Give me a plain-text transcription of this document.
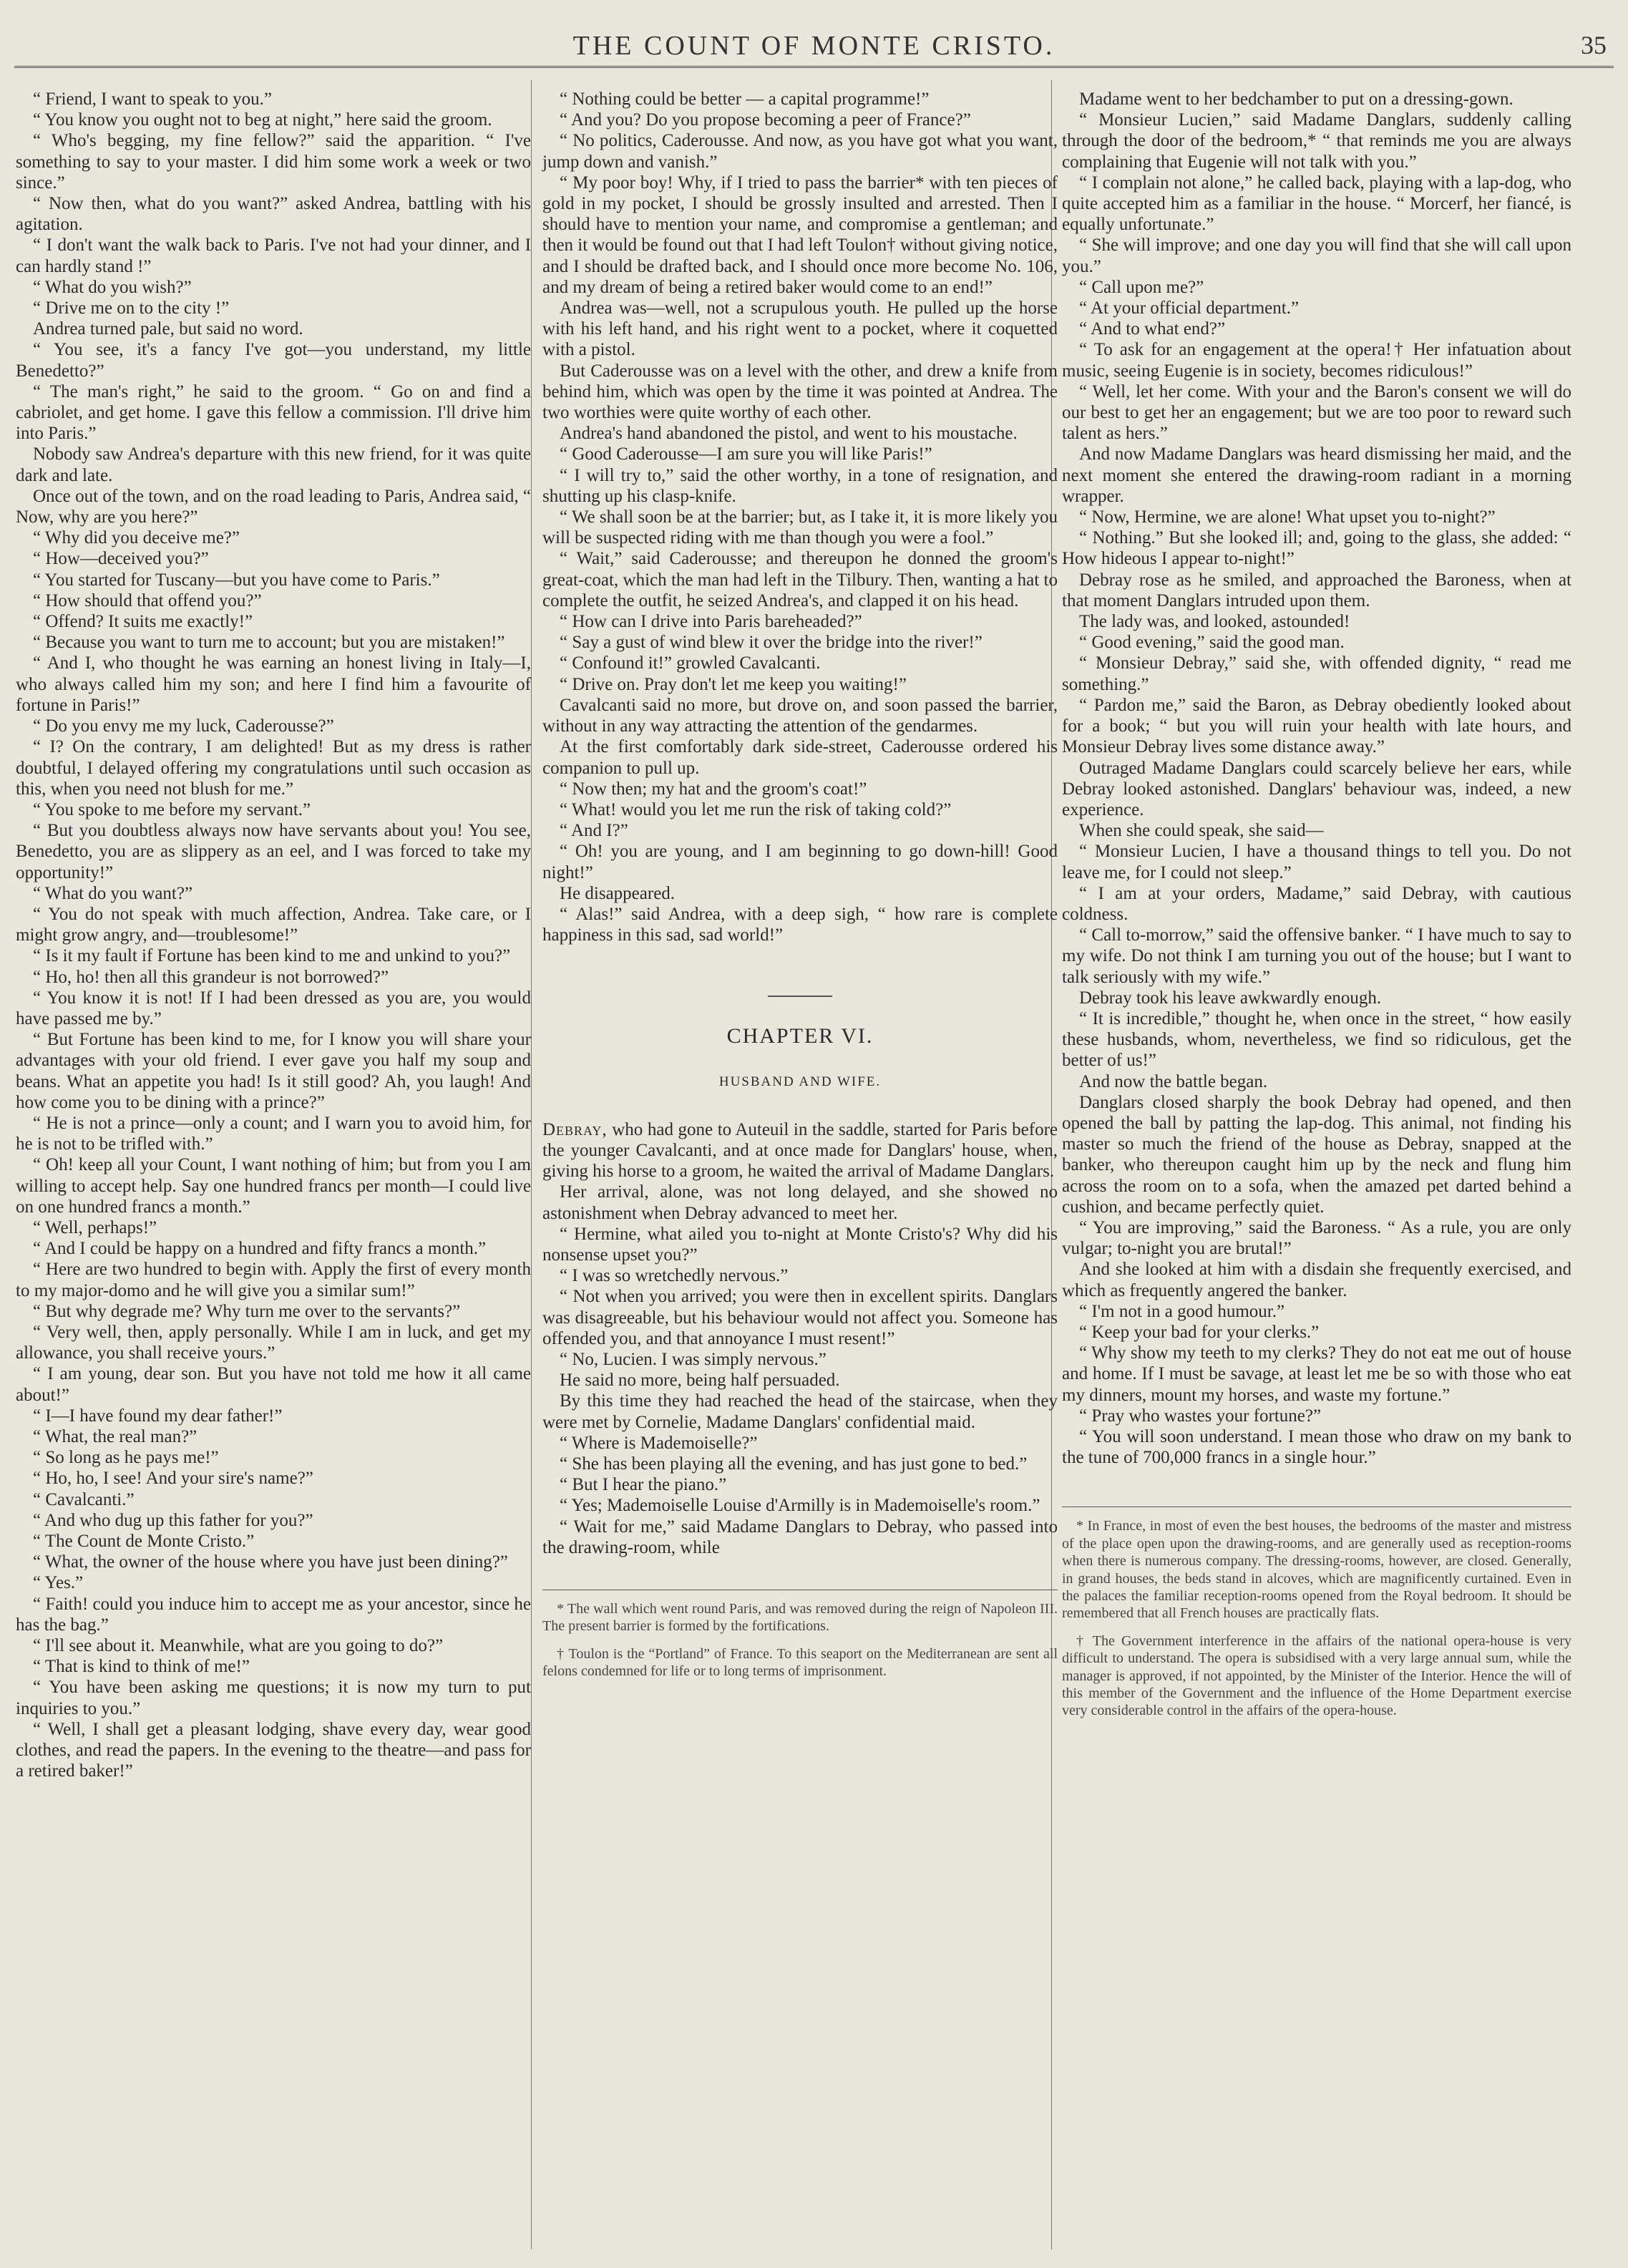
THE COUNT OF MONTE CRISTO.	35

“ Friend, I want to speak to you.”

“ You know you ought not to beg at night,” here said the groom.

“ Who's begging, my fine fellow?” said the apparition. “ I've something to say to your master. I did him some work a week or two since.”

“ Now then, what do you want?” asked Andrea, battling with his agitation.

“ I don't want the walk back to Paris. I've not had your dinner, and I can hardly stand !”

“ What do you wish?”

“ Drive me on to the city !”

Andrea turned pale, but said no word.

“ You see, it's a fancy I've got—you understand, my little Benedetto?”

“ The man's right,” he said to the groom. “ Go on and find a cabriolet, and get home. I gave this fellow a commission. I'll drive him into Paris.”

Nobody saw Andrea's departure with this new friend, for it was quite dark and late.

Once out of the town, and on the road leading to Paris, Andrea said, “ Now, why are you here?”

“ Why did you deceive me?”

“ How—deceived you?”

“ You started for Tuscany—but you have come to Paris.”

“ How should that offend you?”

“ Offend? It suits me exactly!”

“ Because you want to turn me to account; but you are mistaken!”

“ And I, who thought he was earning an honest living in Italy—I, who always called him my son; and here I find him a favourite of fortune in Paris!”

“ Do you envy me my luck, Caderousse?”

“ I? On the contrary, I am delighted! But as my dress is rather doubtful, I delayed offering my congratulations until such occasion as this, when you need not blush for me.”

“ You spoke to me before my servant.”

“ But you doubtless always now have servants about you! You see, Benedetto, you are as slippery as an eel, and I was forced to take my opportunity!”

“ What do you want?”

“ You do not speak with much affection, Andrea. Take care, or I might grow angry, and—troublesome!”

“ Is it my fault if Fortune has been kind to me and unkind to you?”

“ Ho, ho! then all this grandeur is not borrowed?”

“ You know it is not! If I had been dressed as you are, you would have passed me by.”

“ But Fortune has been kind to me, for I know you will share your advantages with your old friend. I ever gave you half my soup and beans. What an appetite you had! Is it still good? Ah, you laugh! And how come you to be dining with a prince?”

“ He is not a prince—only a count; and I warn you to avoid him, for he is not to be trifled with.”

“ Oh! keep all your Count, I want nothing of him; but from you I am willing to accept help. Say one hundred francs per month—I could live on one hundred francs a month.”

“ Well, perhaps!”

“ And I could be happy on a hundred and fifty francs a month.”

“ Here are two hundred to begin with. Apply the first of every month to my major-domo and he will give you a similar sum!”

“ But why degrade me? Why turn me over to the servants?”

“ Very well, then, apply personally. While I am in luck, and get my allowance, you shall receive yours.”

“ I am young, dear son. But you have not told me how it all came about!”

“ I—I have found my dear father!”

“ What, the real man?”

“ So long as he pays me!”

“ Ho, ho, I see! And your sire's name?”

“ Cavalcanti.”

“ And who dug up this father for you?”

“ The Count de Monte Cristo.”

“ What, the owner of the house where you have just been dining?”

“ Yes.”

“ Faith! could you induce him to accept me as your ancestor, since he has the bag.”

“ I'll see about it. Meanwhile, what are you going to do?”

“ That is kind to think of me!”

“ You have been asking me questions; it is now my turn to put inquiries to you.”

“ Well, I shall get a pleasant lodging, shave every day, wear good clothes, and read the papers. In the evening to the theatre—and pass for a retired baker!”

“ Nothing could be better — a capital programme!”

“ And you? Do you propose becoming a peer of France?”

“ No politics, Caderousse. And now, as you have got what you want, jump down and vanish.”

“ My poor boy! Why, if I tried to pass the barrier* with ten pieces of gold in my pocket, I should be grossly insulted and arrested. Then I should have to mention your name, and compromise a gentleman; and then it would be found out that I had left Toulon† without giving notice, and I should be drafted back, and I should once more become No. 106, and my dream of being a retired baker would come to an end!”

Andrea was—well, not a scrupulous youth. He pulled up the horse with his left hand, and his right went to a pocket, where it coquetted with a pistol.

But Caderousse was on a level with the other, and drew a knife from behind him, which was open by the time it was pointed at Andrea. The two worthies were quite worthy of each other.

Andrea's hand abandoned the pistol, and went to his moustache.

“ Good Caderousse—I am sure you will like Paris!”

“ I will try to,” said the other worthy, in a tone of resignation, and shutting up his clasp-knife.

“ We shall soon be at the barrier; but, as I take it, it is more likely you will be suspected riding with me than though you were a fool.”

“ Wait,” said Caderousse; and thereupon he donned the groom's great-coat, which the man had left in the Tilbury. Then, wanting a hat to complete the outfit, he seized Andrea's, and clapped it on his head.

“ How can I drive into Paris bareheaded?”

“ Say a gust of wind blew it over the bridge into the river!”

“ Confound it!” growled Cavalcanti.

“ Drive on. Pray don't let me keep you waiting!”

Cavalcanti said no more, but drove on, and soon passed the barrier, without in any way attracting the attention of the gendarmes.

At the first comfortably dark side-street, Caderousse ordered his companion to pull up.

“ Now then; my hat and the groom's coat!”

“ What! would you let me run the risk of taking cold?”

“ And I?”

“ Oh! you are young, and I am beginning to go down-hill! Good night!”

He disappeared.

“ Alas!” said Andrea, with a deep sigh, “ how rare is complete happiness in this sad, sad world!”

CHAPTER VI.
HUSBAND AND WIFE.

Debray, who had gone to Auteuil in the saddle, started for Paris before the younger Cavalcanti, and at once made for Danglars' house, when, giving his horse to a groom, he waited the arrival of Madame Danglars.

Her arrival, alone, was not long delayed, and she showed no astonishment when Debray advanced to meet her.

“ Hermine, what ailed you to-night at Monte Cristo's? Why did his nonsense upset you?”

“ I was so wretchedly nervous.”

“ Not when you arrived; you were then in excellent spirits. Danglars was disagreeable, but his behaviour would not affect you. Someone has offended you, and that annoyance I must resent!”

“ No, Lucien. I was simply nervous.”

He said no more, being half persuaded.

By this time they had reached the head of the staircase, when they were met by Cornelie, Madame Danglars' confidential maid.

“ Where is Mademoiselle?”

“ She has been playing all the evening, and has just gone to bed.”

“ But I hear the piano.”

“ Yes; Mademoiselle Louise d'Armilly is in Mademoiselle's room.”

“ Wait for me,” said Madame Danglars to Debray, who passed into the drawing-room, while

* The wall which went round Paris, and was removed during the reign of Napoleon III. The present barrier is formed by the fortifications.

† Toulon is the “Portland” of France. To this seaport on the Mediterranean are sent all felons condemned for life or to long terms of imprisonment.

Madame went to her bedchamber to put on a dressing-gown.

“ Monsieur Lucien,” said Madame Danglars, suddenly calling through the door of the bedroom,* “ that reminds me you are always complaining that Eugenie will not talk with you.”

“ I complain not alone,” he called back, playing with a lap-dog, who quite accepted him as a familiar in the house. “ Morcerf, her fiancé, is equally unfortunate.”

“ She will improve; and one day you will find that she will call upon you.”

“ Call upon me?”

“ At your official department.”

“ And to what end?”

“ To ask for an engagement at the opera!† Her infatuation about music, seeing Eugenie is in society, becomes ridiculous!”

“ Well, let her come. With your and the Baron's consent we will do our best to get her an engagement; but we are too poor to reward such talent as hers.”

And now Madame Danglars was heard dismissing her maid, and the next moment she entered the drawing-room radiant in a morning wrapper.

“ Now, Hermine, we are alone! What upset you to-night?”

“ Nothing.” But she looked ill; and, going to the glass, she added: “ How hideous I appear to-night!”

Debray rose as he smiled, and approached the Baroness, when at that moment Danglars intruded upon them.

The lady was, and looked, astounded!

“ Good evening,” said the good man.

“ Monsieur Debray,” said she, with offended dignity, “ read me something.”

“ Pardon me,” said the Baron, as Debray obediently looked about for a book; “ but you will ruin your health with late hours, and Monsieur Debray lives some distance away.”

Outraged Madame Danglars could scarcely believe her ears, while Debray looked astonished. Danglars' behaviour was, indeed, a new experience.

When she could speak, she said—

“ Monsieur Lucien, I have a thousand things to tell you. Do not leave me, for I could not sleep.”

“ I am at your orders, Madame,” said Debray, with cautious coldness.

“ Call to-morrow,” said the offensive banker. “ I have much to say to my wife. Do not think I am turning you out of the house; but I want to talk seriously with my wife.”

Debray took his leave awkwardly enough.

“ It is incredible,” thought he, when once in the street, “ how easily these husbands, whom, nevertheless, we find so ridiculous, get the better of us!”

And now the battle began.

Danglars closed sharply the book Debray had opened, and then opened the ball by patting the lap-dog. This animal, not finding his master so much the friend of the house as Debray, snapped at the banker, who thereupon caught him up by the neck and flung him across the room on to a sofa, when the amazed pet darted behind a cushion, and became perfectly quiet.

“ You are improving,” said the Baroness. “ As a rule, you are only vulgar; to-night you are brutal!”

And she looked at him with a disdain she frequently exercised, and which as frequently angered the banker.

“ I'm not in a good humour.”

“ Keep your bad for your clerks.”

“ Why show my teeth to my clerks? They do not eat me out of house and home. If I must be savage, at least let me be so with those who eat my dinners, mount my horses, and waste my fortune.”

“ Pray who wastes your fortune?”

“ You will soon understand. I mean those who draw on my bank to the tune of 700,000 francs in a single hour.”

* In France, in most of even the best houses, the bedrooms of the master and mistress of the place open upon the drawing-rooms, and are generally used as reception-rooms when there is numerous company. The dressing-rooms, however, are closed. Generally, in grand houses, the beds stand in alcoves, which are magnificently curtained. Even in the palaces the familiar reception-rooms opened from the Royal bedroom. It should be remembered that all French houses are practically flats.

† The Government interference in the affairs of the national opera-house is very difficult to understand. The opera is subsidised with a very large annual sum, while the manager is approved, if not appointed, by the Minister of the Interior. Hence the will of this member of the Government and the influence of the Home Department exercise very considerable control in the affairs of the opera-house.
